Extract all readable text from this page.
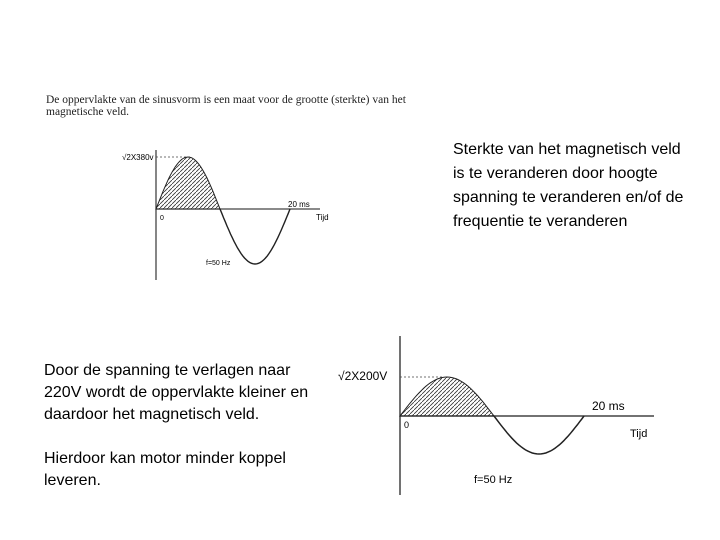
De oppervlakte van de sinusvorm is een maat voor de grootte (sterkte) van het magnetische veld.
√2X380v
0
20 ms
Tijd
f=50 Hz
Sterkte van het magnetisch veld is te veranderen door hoogte spanning te veranderen en/of de frequentie te veranderen

Door de spanning te verlagen naar 220V wordt de oppervlakte kleiner en daardoor het magnetisch veld.

Hierdoor kan motor minder koppel leveren.

√2X200V
0
20 ms
Tijd
f=50 Hz
